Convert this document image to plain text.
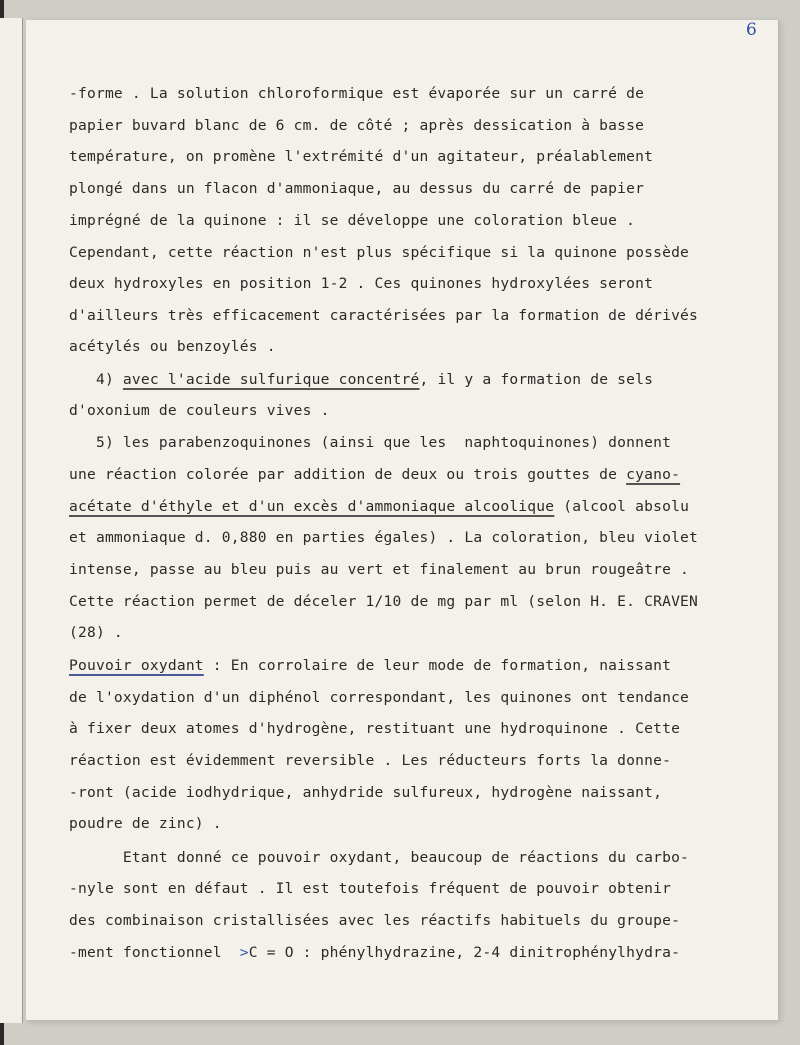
6
-forme . La solution chloroformique est évaporée sur un carré de
papier buvard blanc de 6 cm. de côté ; après dessication à basse
température, on promène l'extrémité d'un agitateur, préalablement
plongé dans un flacon d'ammoniaque, au dessus du carré de papier
imprégné de la quinone : il se développe une coloration bleue .
Cependant, cette réaction n'est plus spécifique si la quinone possède
deux hydroxyles en position 1-2 . Ces quinones hydroxylées seront
d'ailleurs très efficacement caractérisées par la formation de dérivés
acétylés ou benzoylés .
4) avec l'acide sulfurique concentré, il y a formation de sels
d'oxonium de couleurs vives .
5) les parabenzoquinones (ainsi que les  naphtoquinones) donnent
une réaction colorée par addition de deux ou trois gouttes de cyano-
acétate d'éthyle et d'un excès d'ammoniaque alcoolique (alcool absolu
et ammoniaque d. 0,880 en parties égales) . La coloration, bleu violet
intense, passe au bleu puis au vert et finalement au brun rougeâtre .
Cette réaction permet de déceler 1/10 de mg par ml (selon H. E. CRAVEN
(28) .
Pouvoir oxydant : En corrolaire de leur mode de formation, naissant
de l'oxydation d'un diphénol correspondant, les quinones ont tendance
à fixer deux atomes d'hydrogène, restituant une hydroquinone . Cette
réaction est évidemment reversible . Les réducteurs forts la donne-
-ront (acide iodhydrique, anhydride sulfureux, hydrogène naissant,
poudre de zinc) .
Etant donné ce pouvoir oxydant, beaucoup de réactions du carbo-
-nyle sont en défaut . Il est toutefois fréquent de pouvoir obtenir
des combinaison cristallisées avec les réactifs habituels du groupe-
-ment fonctionnel  >C = O : phénylhydrazine, 2-4 dinitrophénylhydra-
